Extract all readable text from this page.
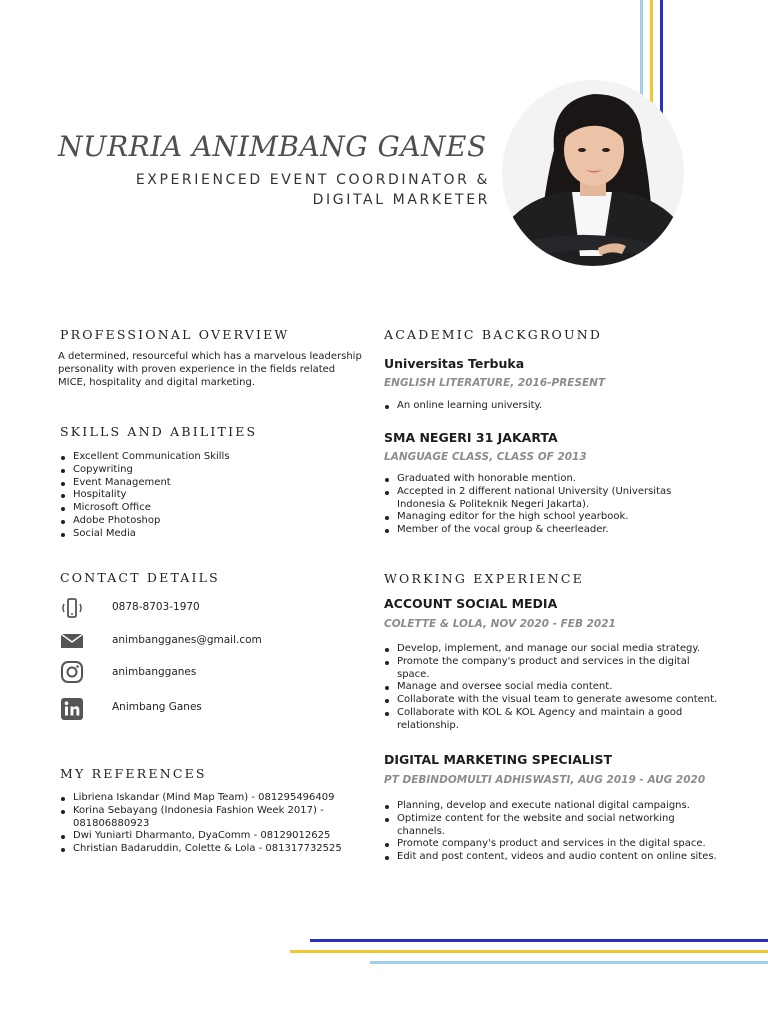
NURRIA ANIMBANG GANES
EXPERIENCED EVENT COORDINATOR &
DIGITAL MARKETER
PROFESSIONAL OVERVIEW
A determined, resourceful which has a marvelous leadership personality with proven experience in the fields related MICE, hospitality and digital marketing.
SKILLS AND ABILITIES
Excellent Communication Skills
Copywriting
Event Management
Hospitality
Microsoft Office
Adobe Photoshop
Social Media
CONTACT DETAILS
0878-8703-1970
animbangganes@gmail.com
animbangganes
Animbang Ganes
MY REFERENCES
Libriena Iskandar (Mind Map Team) - 081295496409
Korina Sebayang (Indonesia Fashion Week 2017) - 081806880923
Dwi Yuniarti Dharmanto, DyaComm - 08129012625
Christian Badaruddin, Colette & Lola - 081317732525
ACADEMIC BACKGROUND
Universitas Terbuka
ENGLISH LITERATURE, 2016-PRESENT
An online learning university.
SMA NEGERI 31 JAKARTA
LANGUAGE CLASS, CLASS OF 2013
Graduated with honorable mention.
Accepted in 2 different national University (Universitas Indonesia & Politeknik Negeri Jakarta).
Managing editor for the high school yearbook.
Member of the vocal group & cheerleader.
WORKING EXPERIENCE
ACCOUNT SOCIAL MEDIA
COLETTE & LOLA, NOV 2020 - FEB 2021
Develop, implement, and manage our social media strategy.
Promote the company's product and services in the digital space.
Manage and oversee social media content.
Collaborate with the visual team to generate awesome content.
Collaborate with KOL & KOL Agency and maintain a good relationship.
DIGITAL MARKETING SPECIALIST
PT DEBINDOMULTI ADHISWASTI, AUG 2019 - AUG 2020
Planning, develop and execute national digital campaigns.
Optimize content for the website and social networking channels.
Promote company's product and services in the digital space.
Edit and post content, videos and audio content on online sites.
